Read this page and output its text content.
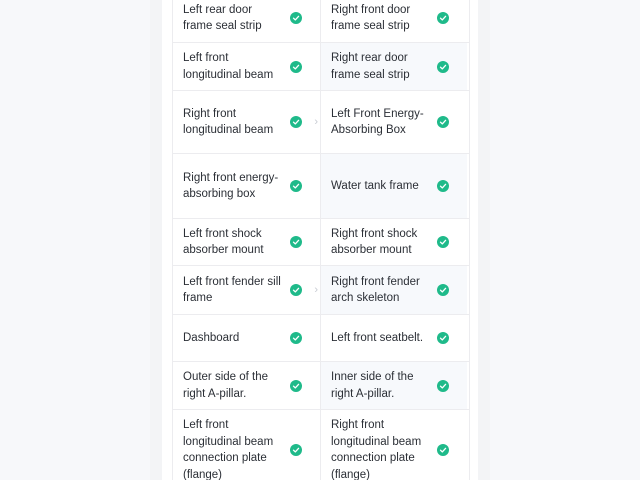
Left rear door frame seal strip
Right front door frame seal strip
Left front longitudinal beam
Right rear door frame seal strip
Right front longitudinal beam
›
Left Front Energy-Absorbing Box
Right front energy-absorbing box
Water tank frame
Left front shock absorber mount
Right front shock absorber mount
Left front fender sill frame
›
Right front fender arch skeleton
Dashboard	Left front seatbelt.
Outer side of the right A-pillar.
Inner side of the right A-pillar.
Left front longitudinal beam connection plate (flange)
Right front longitudinal beam connection plate (flange)
